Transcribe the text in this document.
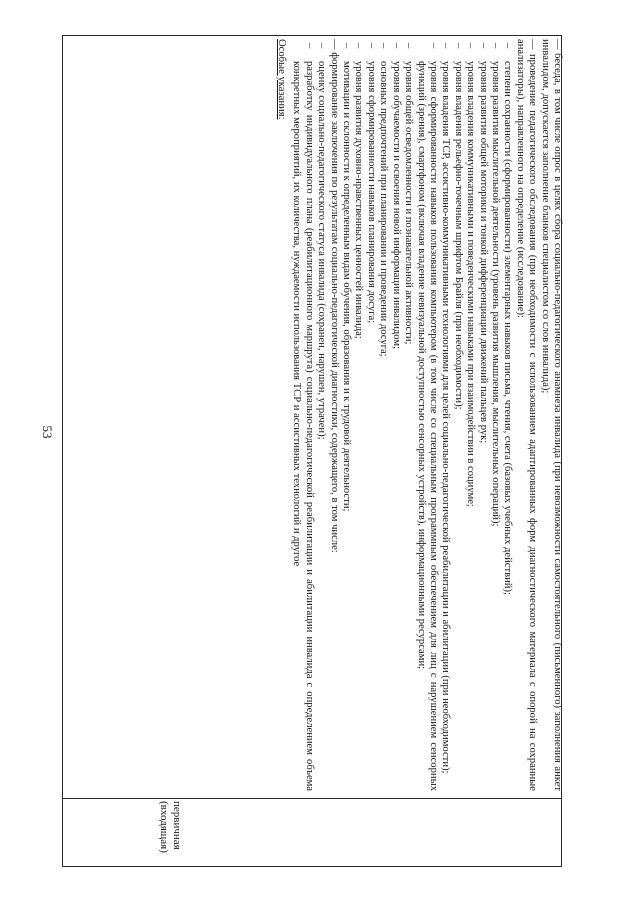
53
первичная
(входящая)

— беседа, в том числе опрос в целях сбора социально-педагогического анамнеза инвалида (при невозможности самостоятельного (письменного) заполнения анкет инвалидом, допускается заполнение бланков специалистом со слов инвалида);

— проведение педагогического обследования (при необходимости с использованием адаптированных форм диагностического материала с опорой на сохранные анализаторы), направленного на определение (исследование):

– степени сохранности (сформированности) элементарных навыков письма, чтения, счета (базовых учебных действий);
– уровня развития мыслительной деятельности (уровень развития мышления, мыслительных операций);
– уровня развития общей моторики и тонкой дифференциации движений пальцев рук;
– уровня владения коммуникативными и поведенческими навыками при взаимодействии в социуме;
– уровня владения рельефно-точечным шрифтом Брайля (при необходимости);
– уровня владения ТСР, ассистивно-коммуникативными технологиями для целей социально-педагогической реабилитации и абилитации (при необходимости);
– уровня сформированности навыков пользования компьютером (в том числе со специальным программным обеспечением для лиц с нарушением сенсорных функций (зрения), смартфоном (включая владение невизуальной доступностью сенсорных устройств), информационными ресурсами;
– уровня общей осведомленности и познавательной активности;
– уровня обучаемости и освоения новой информации инвалидом;
– основных предпочтений при планировании и проведении досуга;
– уровня сформированности навыков планирования досуга;
– уровня развития духовно-нравственных ценностей инвалида;
– мотивации и склонности к определенным видам обучения, образования и к трудовой деятельности;

— формирование заключения по результатам социально-педагогической диагностики, содержащего, в том числе:

– оценку социально-педагогического статуса инвалида (сохранен, нарушен, утрачен);
– разработку индивидуального плана (реабилитационного маршрута) социально-педагогической реабилитации и абилитации инвалида с определением объема конкретных мероприятий, их количества, нуждаемости использования ТСР и ассистивных технологий и другое

Особые указания:
